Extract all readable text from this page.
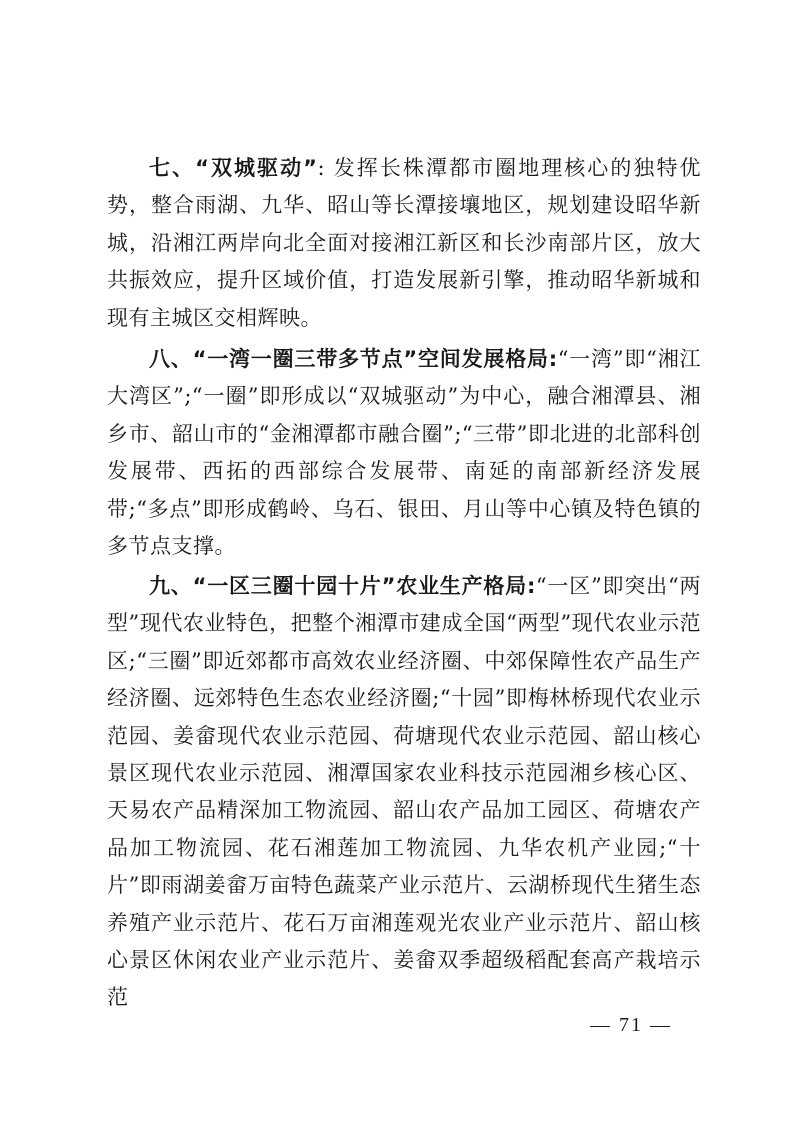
七、“双城驱动”: 发挥长株潭都市圈地理核心的独特优势，整合雨湖、九华、昭山等长潭接壤地区，规划建设昭华新城，沿湘江两岸向北全面对接湘江新区和长沙南部片区，放大共振效应，提升区域价值，打造发展新引擎，推动昭华新城和现有主城区交相辉映。

八、“一湾一圈三带多节点”空间发展格局:“一湾”即“湘江大湾区”;“一圈”即形成以“双城驱动”为中心，融合湘潭县、湘乡市、韶山市的“金湘潭都市融合圈”;“三带”即北进的北部科创发展带、西拓的西部综合发展带、南延的南部新经济发展带;“多点”即形成鹤岭、乌石、银田、月山等中心镇及特色镇的多节点支撑。

九、“一区三圈十园十片”农业生产格局:“一区”即突出“两型”现代农业特色，把整个湘潭市建成全国“两型”现代农业示范区;“三圈”即近郊都市高效农业经济圈、中郊保障性农产品生产经济圈、远郊特色生态农业经济圈;“十园”即梅林桥现代农业示范园、姜畲现代农业示范园、荷塘现代农业示范园、韶山核心景区现代农业示范园、湘潭国家农业科技示范园湘乡核心区、天易农产品精深加工物流园、韶山农产品加工园区、荷塘农产品加工物流园、花石湘莲加工物流园、九华农机产业园;“十片”即雨湖姜畲万亩特色蔬菜产业示范片、云湖桥现代生猪生态养殖产业示范片、花石万亩湘莲观光农业产业示范片、韶山核心景区休闲农业产业示范片、姜畲双季超级稻配套高产栽培示范

— 71 —
